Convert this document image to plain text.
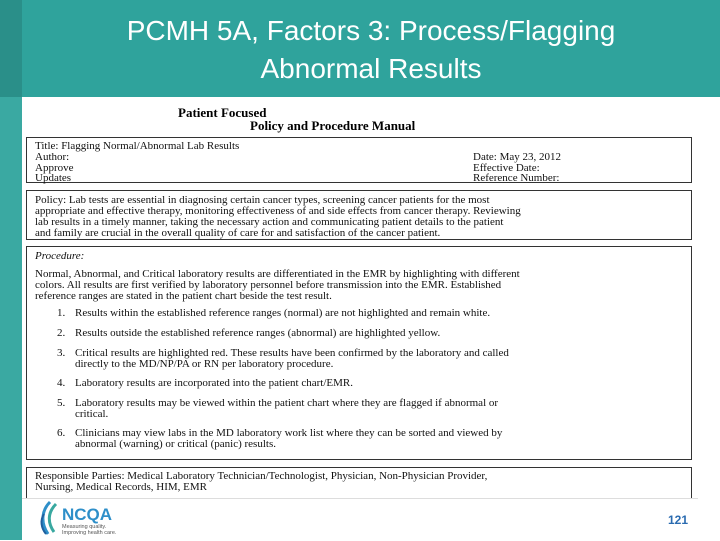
PCMH 5A, Factors 3: Process/Flagging
Abnormal Results
Patient Focused
Policy and Procedure Manual
Title: Flagging Normal/Abnormal Lab Results
Author:
Approve
Updates
Date: May 23, 2012
Effective Date:
Reference Number:
Policy: Lab tests are essential in diagnosing certain cancer types, screening cancer patients for the most
appropriate and effective therapy, monitoring effectiveness of and side effects from cancer therapy. Reviewing
lab results in a timely manner, taking the necessary action and communicating patient details to the patient
and family are crucial in the overall quality of care for and satisfaction of the cancer patient.
Procedure:
Normal, Abnormal, and Critical laboratory results are differentiated in the EMR by highlighting with different
colors. All results are first verified by laboratory personnel before transmission into the EMR. Established
reference ranges are stated in the patient chart beside the test result.
1. Results within the established reference ranges (normal) are not highlighted and remain white.
2. Results outside the established reference ranges (abnormal) are highlighted yellow.
3. Critical results are highlighted red. These results have been confirmed by the laboratory and called
directly to the MD/NP/PA or RN per laboratory procedure.
4. Laboratory results are incorporated into the patient chart/EMR.
5. Laboratory results may be viewed within the patient chart where they are flagged if abnormal or
critical.
6. Clinicians may view labs in the MD laboratory work list where they can be sorted and viewed by
abnormal (warning) or critical (panic) results.
Responsible Parties: Medical Laboratory Technician/Technologist, Physician, Non-Physician Provider,
Nursing, Medical Records, HIM, EMR
NCQA
Measuring quality.
Improving health care.
121
